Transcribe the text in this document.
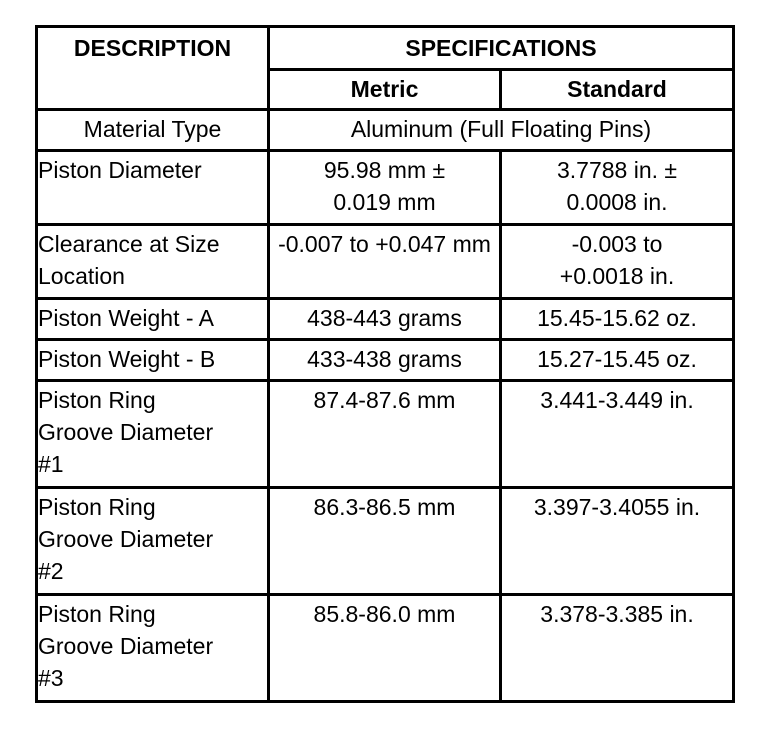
DESCRIPTION	SPECIFICATIONS	

	Metric	Standard

Material Type	Aluminum (Full Floating Pins)	

Piston Diameter	95.98 mm ± 0.019 mm	3.7788 in. ± 0.0008 in.

Clearance at Size Location	-0.007 to +0.047 mm	-0.003 to +0.0018 in.

Piston Weight - A	438-443 grams	15.45-15.62 oz.

Piston Weight - B	433-438 grams	15.27-15.45 oz.

Piston Ring Groove Diameter #1	87.4-87.6 mm	3.441-3.449 in.

Piston Ring Groove Diameter #2	86.3-86.5 mm	3.397-3.4055 in.

Piston Ring Groove Diameter #3	85.8-86.0 mm	3.378-3.385 in.
